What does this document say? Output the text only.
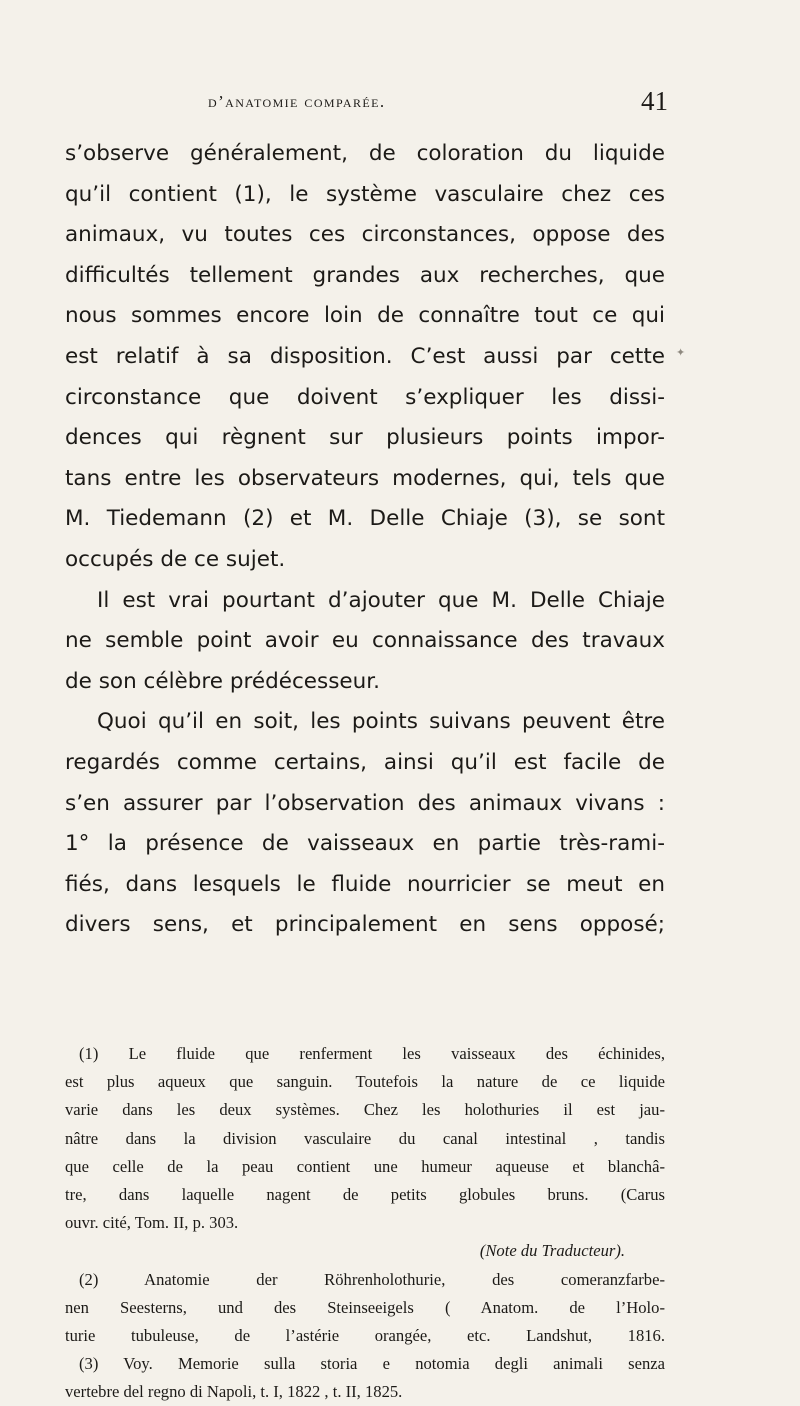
d’anatomie comparée.	41
s’observe généralement, de coloration du liquide
qu’il contient (1), le système vasculaire chez ces
animaux, vu toutes ces circonstances, oppose des
difficultés tellement grandes aux recherches, que
nous sommes encore loin de connaître tout ce qui
est relatif à sa disposition. C’est aussi par cette
circonstance que doivent s’expliquer les dissi-
dences qui règnent sur plusieurs points impor-
tans entre les observateurs modernes, qui, tels que
M. Tiedemann (2) et M. Delle Chiaje (3), se sont
occupés de ce sujet.
Il est vrai pourtant d’ajouter que M. Delle Chiaje
ne semble point avoir eu connaissance des travaux
de son célèbre prédécesseur.
Quoi qu’il en soit, les points suivans peuvent être
regardés comme certains, ainsi qu’il est facile de
s’en assurer par l’observation des animaux vivans :
1° la présence de vaisseaux en partie très-rami-
fiés, dans lesquels le fluide nourricier se meut en
divers sens, et principalement en sens opposé;
(1) Le fluide que renferment les vaisseaux des échinides,
est plus aqueux que sanguin. Toutefois la nature de ce liquide
varie dans les deux systèmes. Chez les holothuries il est jau-
nâtre dans la division vasculaire du canal intestinal , tandis
que celle de la peau contient une humeur aqueuse et blanchâ-
tre, dans laquelle nagent de petits globules bruns. (Carus
ouvr. cité, Tom. II, p. 303.
(Note du Traducteur).
(2) Anatomie der Röhrenholothurie, des comeranzfarbe-
nen Seesterns, und des Steinseeigels ( Anatom. de l’Holo-
turie tubuleuse, de l’astérie orangée, etc. Landshut, 1816.
(3) Voy. Memorie sulla storia e notomia degli animali senza
vertebre del regno di Napoli, t. I, 1822 , t. II, 1825.
✦
